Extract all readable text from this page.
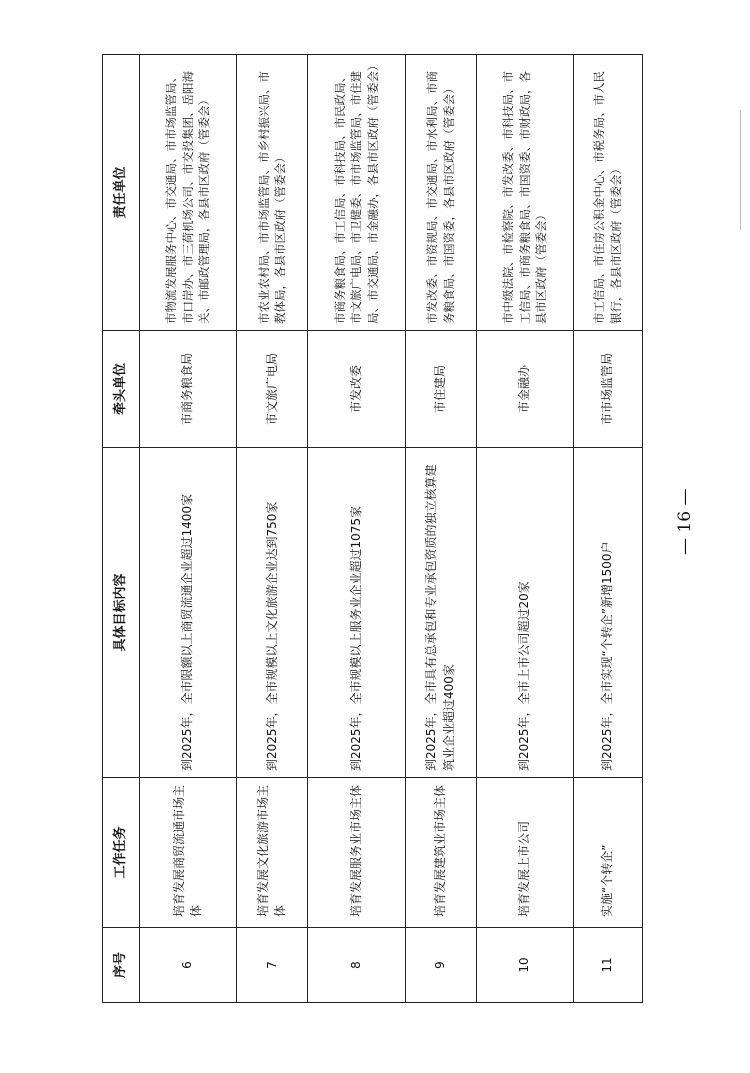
序号	工作任务	具体目标内容	牵头单位	责任单位
6	培育发展商贸流通市场主体	到2025年，全市限额以上商贸流通企业超过1400家	市商务粮食局	市物流发展服务中心、市交通局、市市场监管局、市口岸办、市三荷机场公司、市交投集团、岳阳海关、市邮政管理局，各县市区政府（管委会）
7	培育发展文化旅游市场主体	到2025年，全市规模以上文化旅游企业达到750家	市文旅广电局	市农业农村局、市市场监管局、市乡村振兴局、市教体局，各县市区政府（管委会）
8	培育发展服务业市场主体	到2025年，全市规模以上服务业企业超过1075家	市发改委	市商务粮食局、市工信局、市科技局、市民政局、市文旅广电局、市卫健委、市市场监管局、市住建局、市交通局、市金融办，各县市区政府（管委会）
9	培育发展建筑业市场主体	到2025年，全市具有总承包和专业承包资质的独立核算建筑业企业超过400家	市住建局	市发改委、市资规局、市交通局、市水利局、市商务粮食局、市国资委，各县市区政府（管委会）
10	培育发展上市公司	到2025年，全市上市公司超过20家	市金融办	市中级法院、市检察院、市发改委、市科技局、市工信局、市商务粮食局、市国资委、市财政局，各县市区政府（管委会）
11	实施“个转企”	到2025年，全市实现“个转企”新增1500户	市市场监管局	市工信局、市住房公积金中心、市税务局、市人民银行，各县市区政府（管委会）
— 16 —
